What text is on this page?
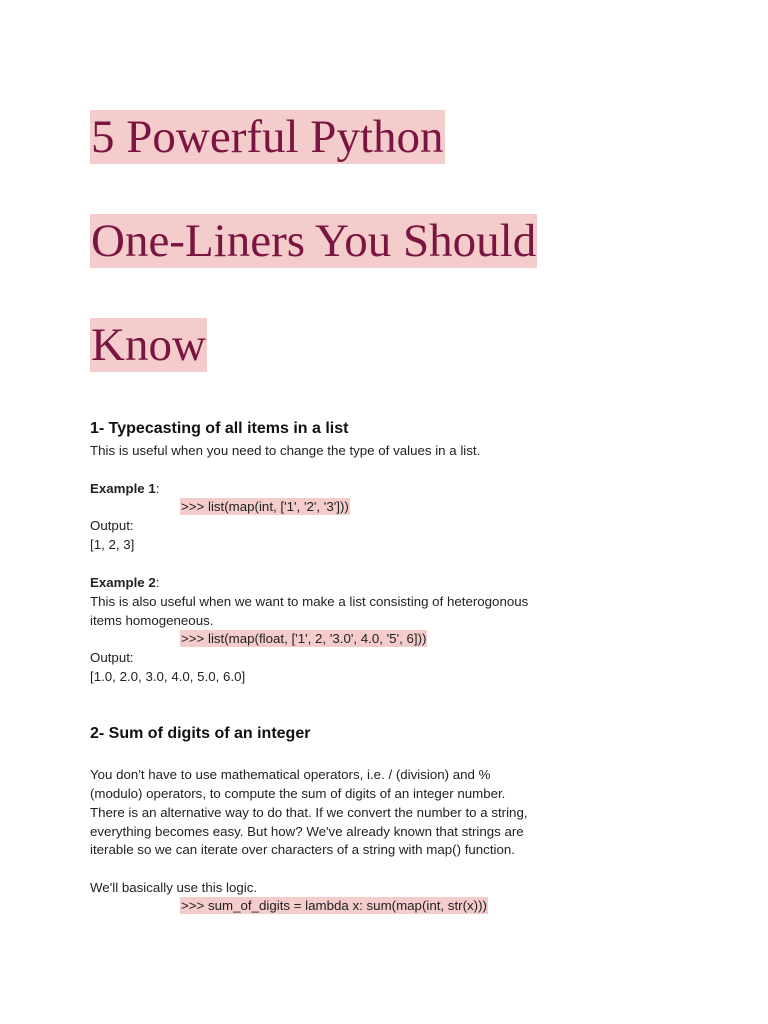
5 Powerful Python
One-Liners You Should
Know
1- Typecasting of all items in a list
This is useful when you need to change the type of values in a list.
Example 1:
>>> list(map(int, ['1', '2', '3']))
Output:
[1, 2, 3]
Example 2:
This is also useful when we want to make a list consisting of heterogonous
items homogeneous.
>>> list(map(float, ['1', 2, '3.0', 4.0, '5', 6]))
Output:
[1.0, 2.0, 3.0, 4.0, 5.0, 6.0]
2- Sum of digits of an integer
You don't have to use mathematical operators, i.e. / (division) and %
(modulo) operators, to compute the sum of digits of an integer number.
There is an alternative way to do that. If we convert the number to a string,
everything becomes easy. But how? We've already known that strings are
iterable so we can iterate over characters of a string with map() function.
We'll basically use this logic.
>>> sum_of_digits = lambda x: sum(map(int, str(x)))
